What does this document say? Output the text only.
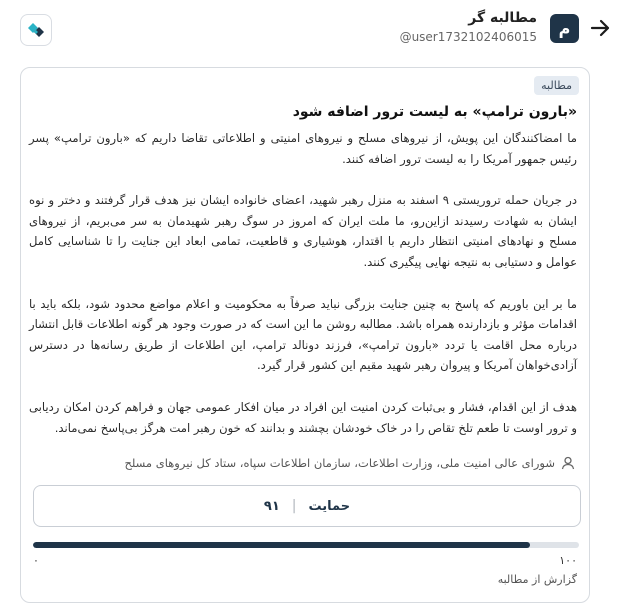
م
مطالبه گر
@user1732102406015
مطالبه
«بارون ترامپ» به لیست ترور اضافه شود

ما امضاکنندگان این پویش، از نیروهای مسلح و نیروهای امنیتی و اطلاعاتی تقاضا داریم که «بارون ترامپ» پسر رئیس جمهور آمریکا را به لیست ترور اضافه کنند.

در جریان حمله تروریستی ۹ اسفند به منزل رهبر شهید، اعضای خانواده ایشان نیز هدف قرار گرفتند و دختر و نوه ایشان به شهادت رسیدند ازاین‌رو، ما ملت ایران که امروز در سوگ رهبر شهیدمان به سر می‌بریم، از نیروهای مسلح و نهادهای امنیتی انتظار داریم با اقتدار، هوشیاری و قاطعیت، تمامی ابعاد این جنایت را تا شناسایی کامل عوامل و دستیابی به نتیجه نهایی پیگیری کنند.

ما بر این باوریم که پاسخ به چنین جنایت بزرگی نباید صرفاً به محکومیت و اعلام مواضع محدود شود، بلکه باید با اقدامات مؤثر و بازدارنده همراه باشد. مطالبه روشن ما این است که در صورت وجود هر گونه اطلاعات قابل انتشار درباره محل اقامت یا تردد «بارون ترامپ»، فرزند دونالد ترامپ، این اطلاعات از طریق رسانه‌ها در دسترس آزادی‌خواهان آمریکا و پیروان رهبر شهید مقیم این کشور قرار گیرد.

هدف از این اقدام، فشار و بی‌ثبات کردن امنیت این افراد در میان افکار عمومی جهان و فراهم کردن امکان ردیابی و ترور اوست تا طعم تلخ تقاص را در خاک خودشان بچشند و بدانند که خون رهبر امت هرگز بی‌پاسخ نمی‌ماند.

شورای عالی امنیت ملی، وزارت اطلاعات، سازمان اطلاعات سپاه، ستاد کل نیروهای مسلح
حمایت
|
۹۱
۰	۱۰۰
گزارش از مطالبه
